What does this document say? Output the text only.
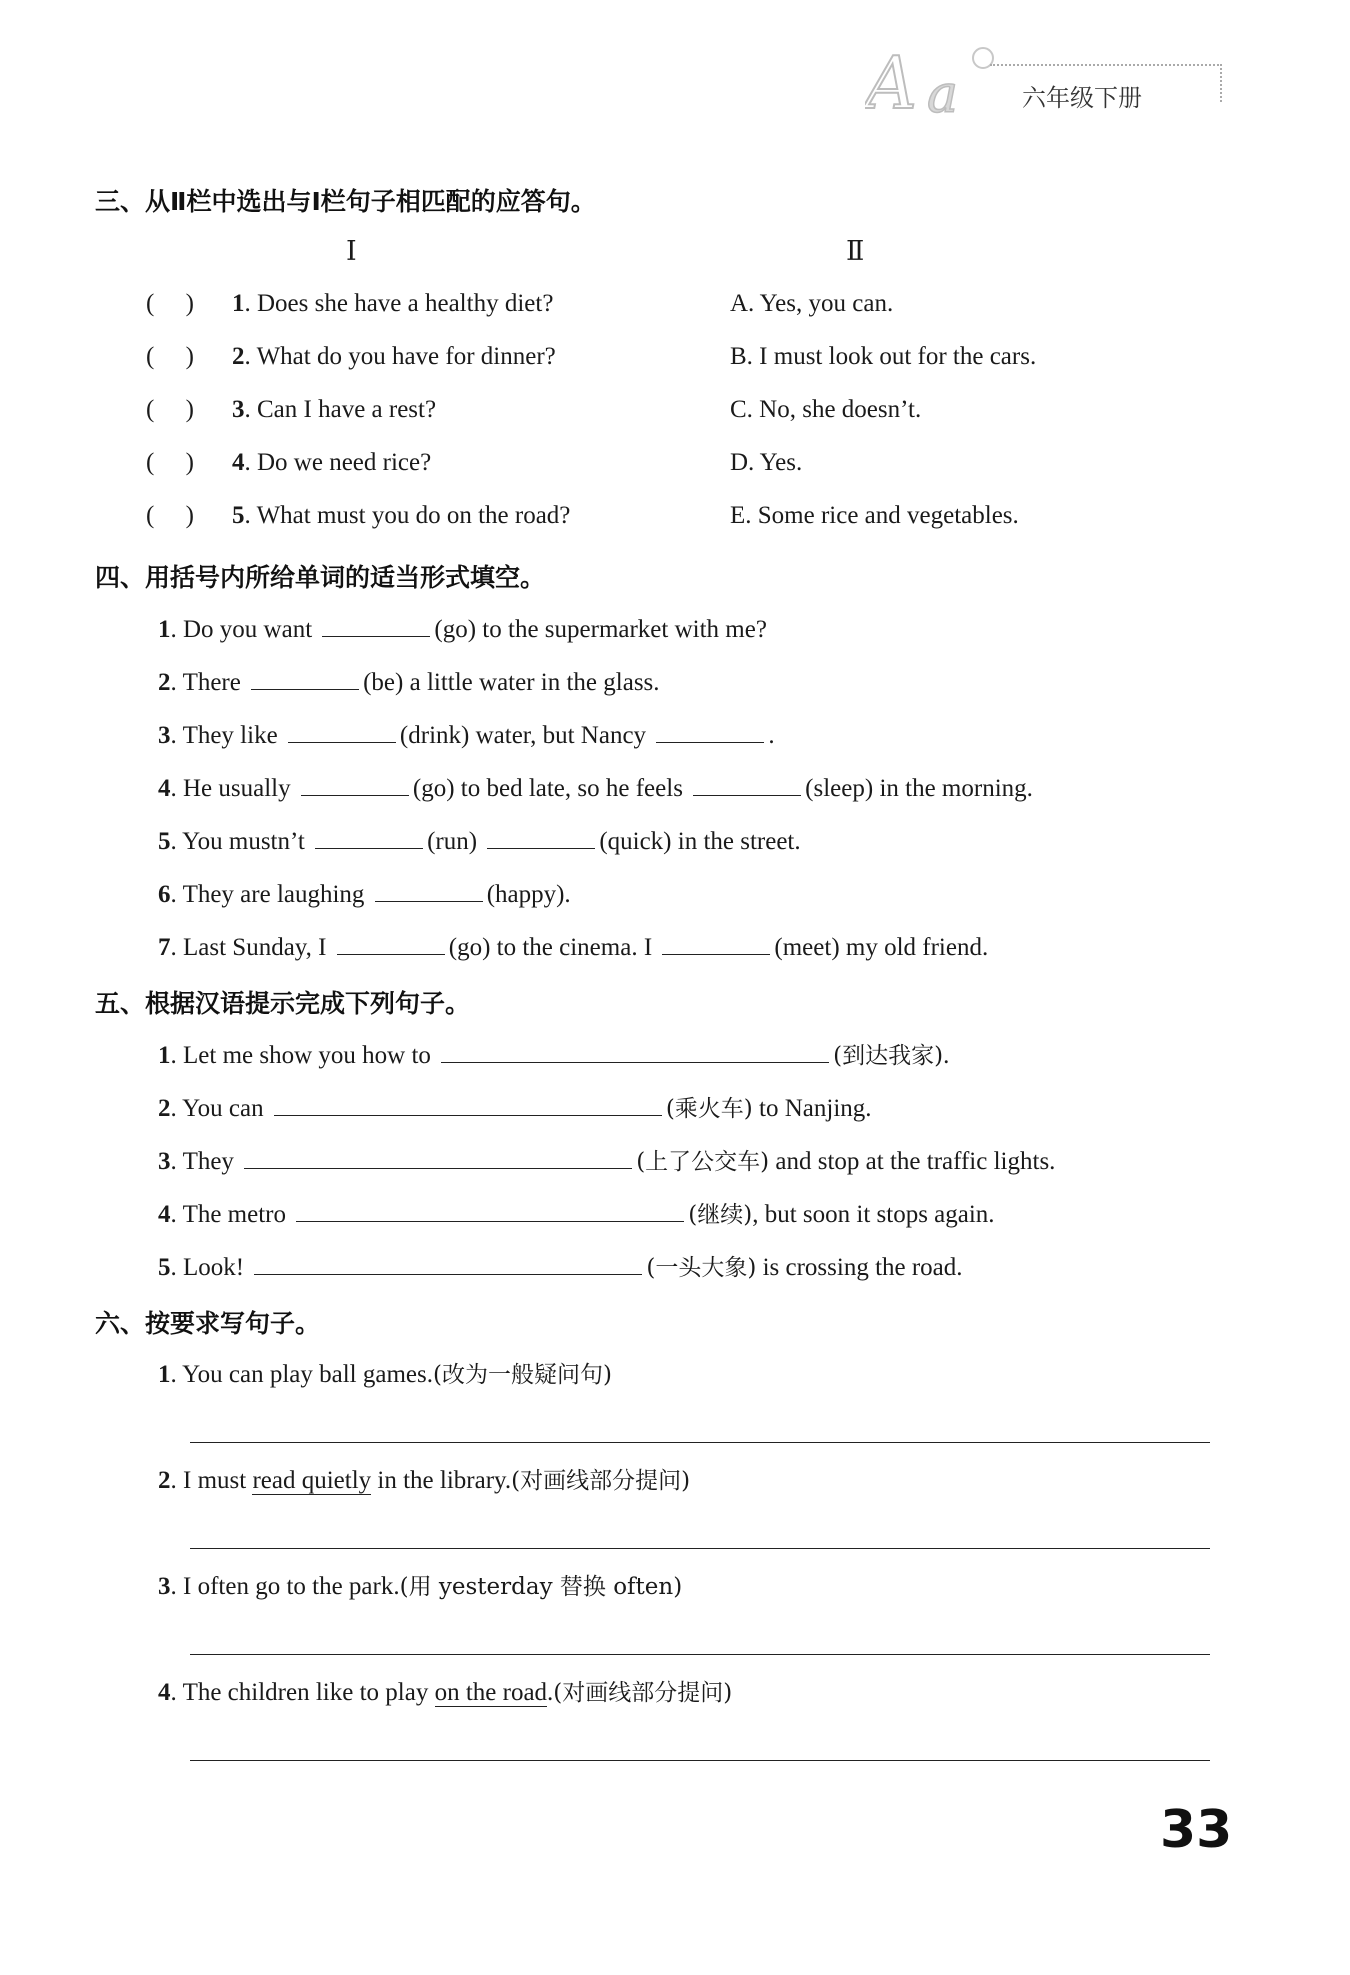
A a	六年级下册
三、从Ⅱ栏中选出与Ⅰ栏句子相匹配的应答句。
Ⅰ	Ⅱ
(     ) 1. Does she have a healthy diet?	A. Yes, you can.
(     ) 2. What do you have for dinner?	B. I must look out for the cars.
(     ) 3. Can I have a rest?	C. No, she doesn’t.
(     ) 4. Do we need rice?	D. Yes.
(     ) 5. What must you do on the road?	E. Some rice and vegetables.
四、用括号内所给单词的适当形式填空。
1. Do you want	(go) to the supermarket with me?
2. There	(be) a little water in the glass.
3. They like	(drink) water, but Nancy	.
4. He usually	(go) to bed late, so he feels	(sleep) in the morning.
5. You mustn’t	(run)	(quick) in the street.
6. They are laughing	(happy).
7. Last Sunday, I	(go) to the cinema. I	(meet) my old friend.
五、根据汉语提示完成下列句子。
1. Let me show you how to	(到达我家).
2. You can	(乘火车) to Nanjing.
3. They	(上了公交车) and stop at the traffic lights.
4. The metro	(继续), but soon it stops again.
5. Look!	(一头大象) is crossing the road.
六、按要求写句子。
1. You can play ball games.(改为一般疑问句)
2. I must read quietly in the library.(对画线部分提问)
3. I often go to the park.(用 yesterday 替换 often)
4. The children like to play on the road.(对画线部分提问)
33
